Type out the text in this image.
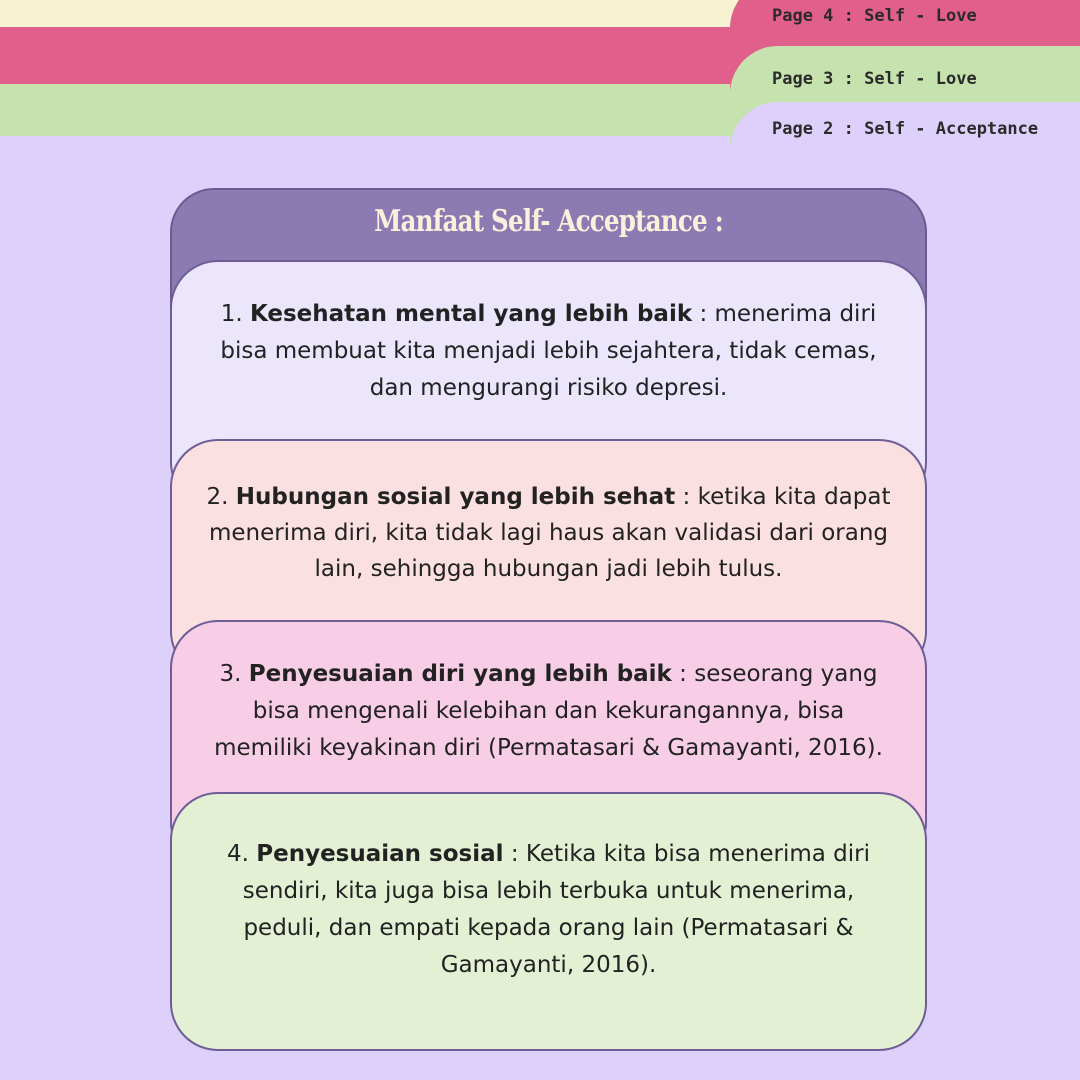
Page 4 : Self - Love
Page 3 : Self - Love
Page 2 : Self - Acceptance
Manfaat Self- Acceptance :
1. Kesehatan mental yang lebih baik : menerima diri bisa membuat kita menjadi lebih sejahtera, tidak cemas, dan mengurangi risiko depresi.
2. Hubungan sosial yang lebih sehat : ketika kita dapat menerima diri, kita tidak lagi haus akan validasi dari orang lain, sehingga hubungan jadi lebih tulus.
3. Penyesuaian diri yang lebih baik : seseorang yang bisa mengenali kelebihan dan kekurangannya, bisa memiliki keyakinan diri (Permatasari & Gamayanti, 2016).
4. Penyesuaian sosial : Ketika kita bisa menerima diri sendiri, kita juga bisa lebih terbuka untuk menerima, peduli, dan empati kepada orang lain (Permatasari & Gamayanti, 2016).
